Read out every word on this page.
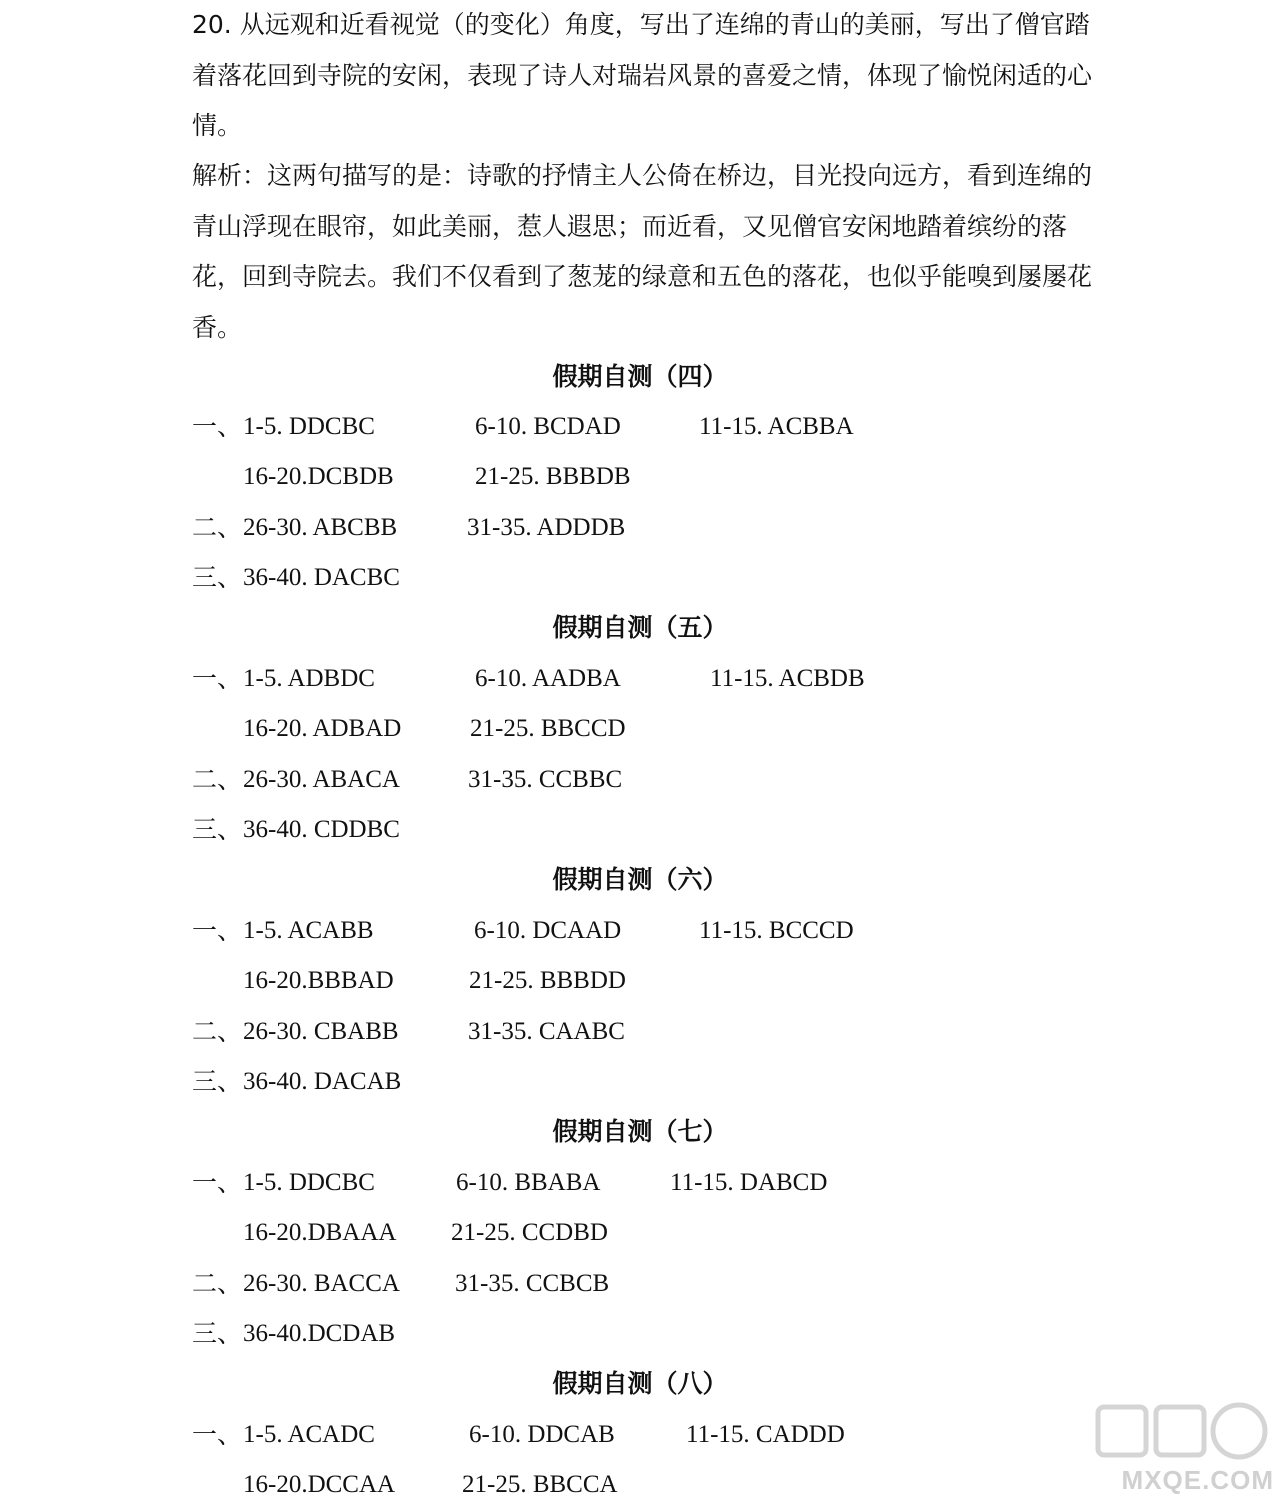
20. 从远观和近看视觉（的变化）角度，写出了连绵的青山的美丽，写出了僧官踏着落花回到寺院的安闲，表现了诗人对瑞岩风景的喜爱之情，体现了愉悦闲适的心情。
解析：这两句描写的是：诗歌的抒情主人公倚在桥边，目光投向远方，看到连绵的青山浮现在眼帘，如此美丽，惹人遐思；而近看，又见僧官安闲地踏着缤纷的落花，回到寺院去。我们不仅看到了葱茏的绿意和五色的落花，也似乎能嗅到屡屡花香。
假期自测（四）
一、 1-5. DDCBC	6-10. BCDAD	11-15. ACBBA
16-20.DCBDB	21-25. BBBDB
二、 26-30. ABCBB	31-35. ADDDB
三、 36-40. DACBC
假期自测（五）
一、 1-5. ADBDC	6-10. AADBA	11-15. ACBDB
16-20. ADBAD	21-25. BBCCD
二、 26-30. ABACA	31-35. CCBBC
三、 36-40. CDDBC
假期自测（六）
一、 1-5. ACABB	6-10. DCAAD	11-15. BCCCD
16-20.BBBAD	21-25. BBBDD
二、 26-30. CBABB	31-35. CAABC
三、 36-40. DACAB
假期自测（七）
一、 1-5. DDCBC	6-10. BBABA	11-15. DABCD
16-20.DBAAA 21-25. CCDBD
二、 26-30. BACCA 31-35. CCBCB
三、 36-40.DCDAB
假期自测（八）
一、 1-5. ACADC	6-10. DDCAB	11-15. CADDD
16-20.DCCAA	21-25. BBCCA	MXQE.COM
